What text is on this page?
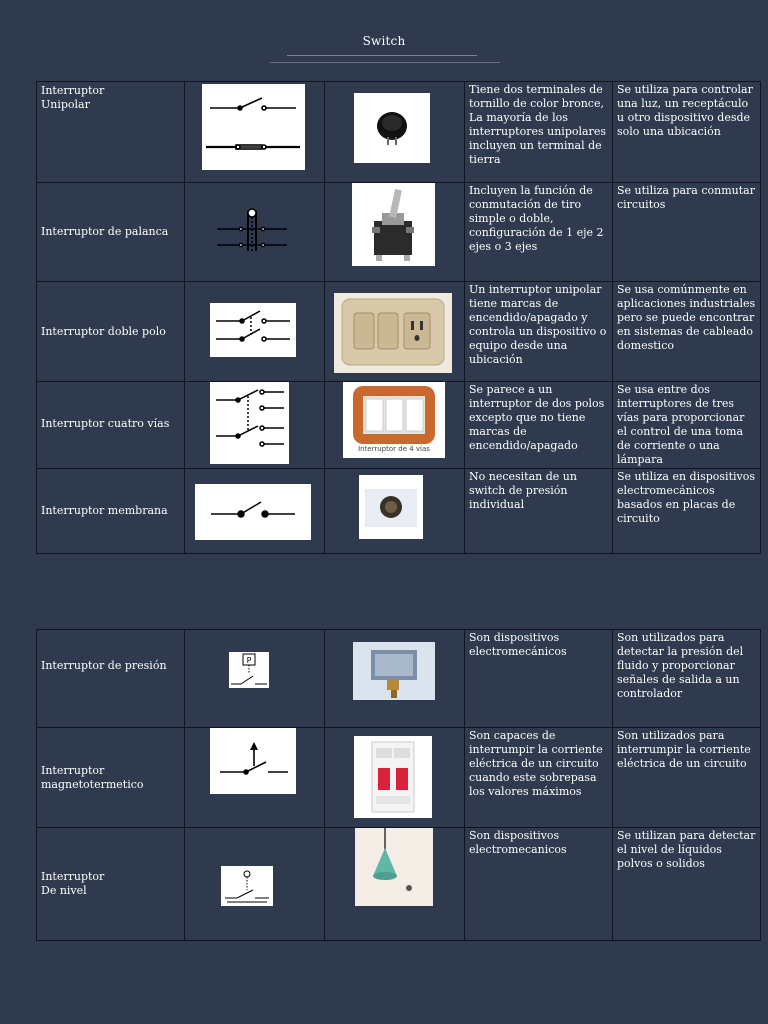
Switch
Interruptor
Unipolar			Tiene dos terminales de tornillo de color bronce, La mayoría de los interruptores unipolares incluyen un terminal de tierra	Se utiliza para controlar una luz, un receptáculo u otro dispositivo desde solo una ubicación

Interruptor de palanca			Incluyen la función de conmutación de tiro simple o doble, configuración de 1 eje 2 ejes o 3 ejes	Se utiliza para conmutar circuitos

Interruptor doble polo			Un interruptor unipolar tiene marcas de encendido/apagado y controla un dispositivo o equipo desde una ubicación	Se usa comúnmente en aplicaciones industriales pero se puede encontrar en sistemas de cableado domestico

Interruptor cuatro vías		Interruptor de 4 vías	Se parece a un interruptor de dos polos excepto que no tiene marcas de encendido/apagado	Se usa entre dos interruptores de tres vías para proporcionar el control de una toma de corriente o una lámpara

Interruptor membrana			No necesitan de un switch de presión individual	Se utiliza en dispositivos electromecánicos basados en placas de circuito
Interruptor de presión	P		Son dispositivos electromecánicos	Son utilizados para detectar la presión del fluido y proporcionar señales de salida a un controlador

Interruptor
magnetotermetico			Son capaces de interrumpir la corriente eléctrica de un circuito cuando este sobrepasa los valores máximos	Son utilizados para interrumpir la corriente eléctrica de un circuito

Interruptor
De nivel			Son dispositivos electromecanicos	Se utilizan para detectar el nivel de líquidos polvos o solidos
